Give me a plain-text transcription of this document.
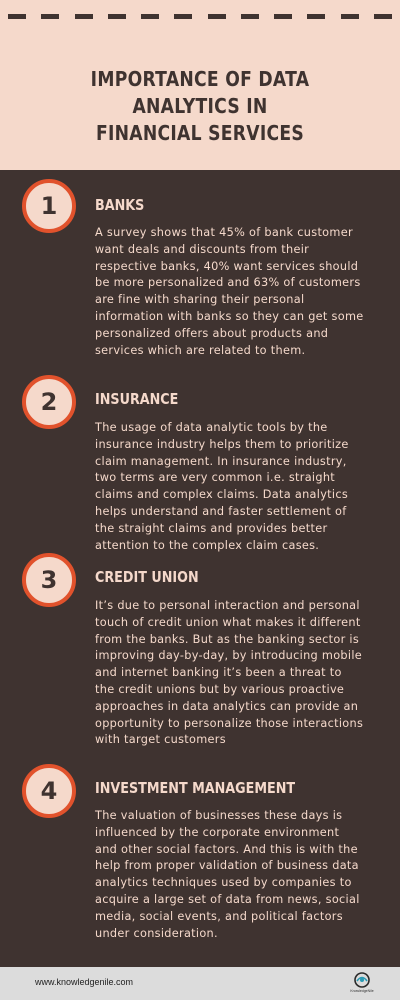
IMPORTANCE OF DATA ANALYTICS IN
FINANCIAL SERVICES
1	BANKS
A survey shows that 45% of bank customer want deals and discounts from their respective banks, 40% want services should be more personalized and 63% of customers are fine with sharing their personal information with banks so they can get some personalized offers about products and services which are related to them.
2	INSURANCE
The usage of data analytic tools by the insurance industry helps them to prioritize claim management. In insurance industry, two terms are very common i.e. straight claims and complex claims. Data analytics helps understand and faster settlement of the straight claims and provides better attention to the complex claim cases.
3	CREDIT UNION
It’s due to personal interaction and personal touch of credit union what makes it different from the banks. But as the banking sector is improving day-by-day, by introducing mobile and internet banking it’s been a threat to the credit unions but by various proactive approaches in data analytics can provide an opportunity to personalize those interactions with target customers
4	INVESTMENT MANAGEMENT
The valuation of businesses these days is influenced by the corporate environment and other social factors. And this is with the help from proper validation of business data analytics techniques used by companies to acquire a large set of data from news, social media, social events, and political factors under consideration.
www.knowledgenile.com
KnowledgeNile
